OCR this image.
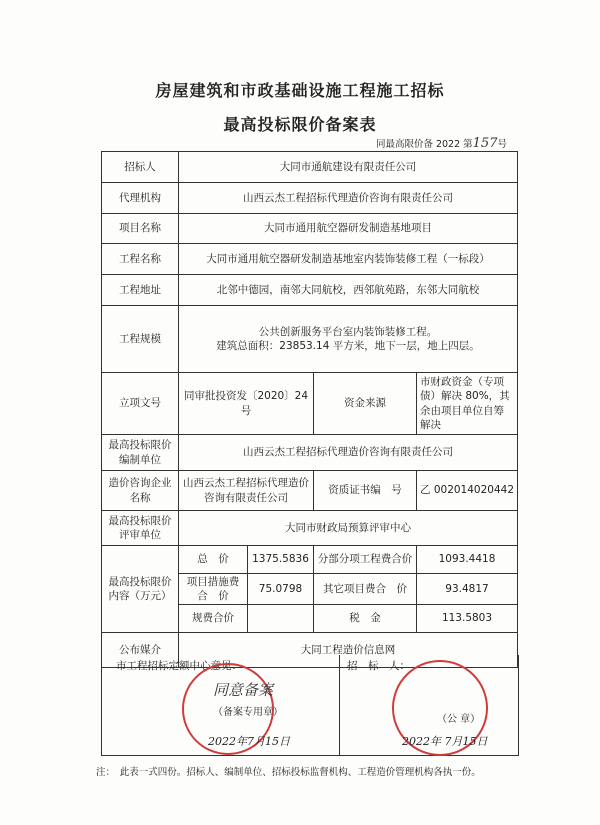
房屋建筑和市政基础设施工程施工招标
最高投标限价备案表
同最高限价备 2022 第157号
招标人	大同市通航建设有限责任公司			
代理机构	山西云杰工程招标代理造价咨询有限责任公司			
项目名称	大同市通用航空器研发制造基地项目			
工程名称	大同市通用航空器研发制造基地室内装饰装修工程（一标段）			
工程地址	北邻中德园，南邻大同航校，西邻航苑路，东邻大同航校			
工程规模	公共创新服务平台室内装饰装修工程。
建筑总面积：23853.14 平方米，地下一层，地上四层。			

立项文号	同审批投资发〔2020〕24 号		资金来源	市财政资金（专项债）解决 80%，其余由项目单位自筹解决
最高投标限价编制单位	山西云杰工程招标代理造价咨询有限责任公司			
造价咨询企业名称	山西云杰工程招标代理造价咨询有限责任公司		资质证书编　号	乙 002014020442
最高投标限价评审单位	大同市财政局预算评审中心			
最高投标限价内容（万元）	总　价	1375.5836	分部分项工程费合价	1093.4418
	项目措施费合　价	75.0798	其它项目费合　价	93.4817
	规费合价		税　金	113.5803
公布媒介	大同工程造价信息网			
市工程招标定额中心意见：	招　标　人：
同意备案
（备案专用章）
2022年7月15日
（公 章）
2022年 7月15日
注：　此表一式四份。招标人、编制单位、招标投标监督机构、工程造价管理机构各执一份。
